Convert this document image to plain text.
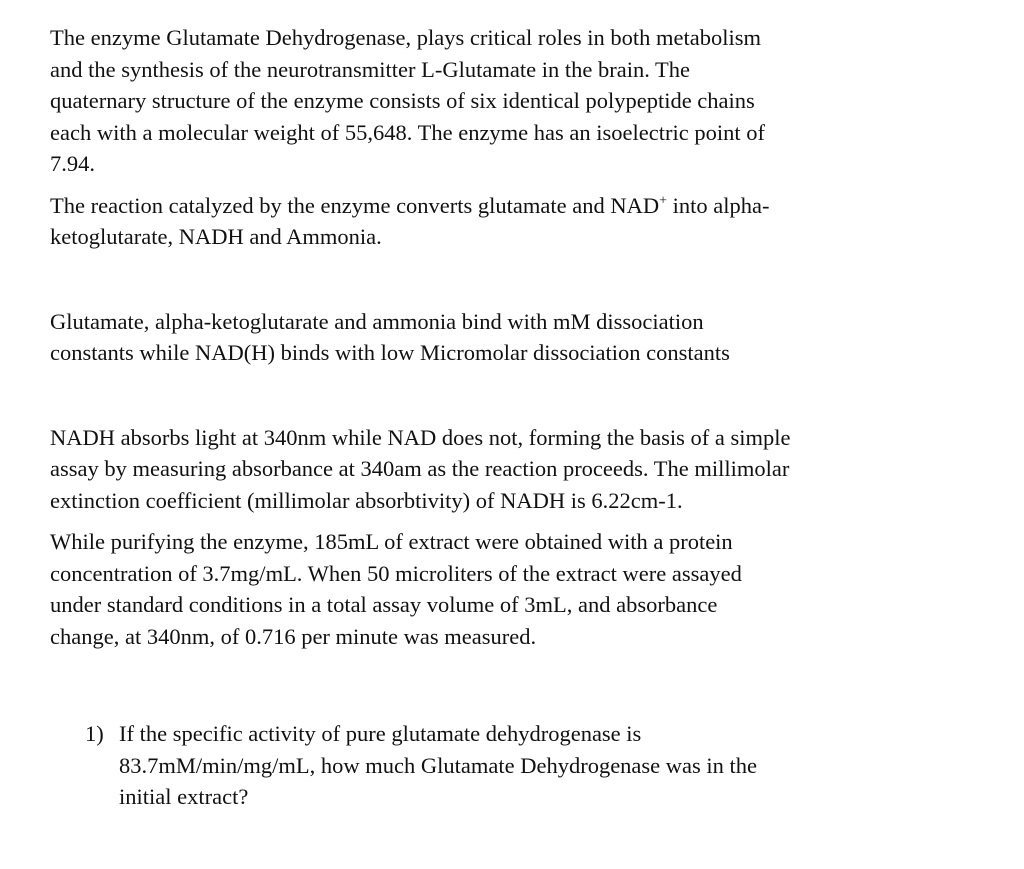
The enzyme Glutamate Dehydrogenase, plays critical roles in both metabolism
and the synthesis of the neurotransmitter L-Glutamate in the brain. The
quaternary structure of the enzyme consists of six identical polypeptide chains
each with a molecular weight of 55,648. The enzyme has an isoelectric point of
7.94.

The reaction catalyzed by the enzyme converts glutamate and NAD+ into alpha-
ketoglutarate, NADH and Ammonia.

Glutamate, alpha-ketoglutarate and ammonia bind with mM dissociation
constants while NAD(H) binds with low Micromolar dissociation constants

NADH absorbs light at 340nm while NAD does not, forming the basis of a simple
assay by measuring absorbance at 340am as the reaction proceeds. The millimolar
extinction coefficient (millimolar absorbtivity) of NADH is 6.22cm-1.

While purifying the enzyme, 185mL of extract were obtained with a protein
concentration of 3.7mg/mL. When 50 microliters of the extract were assayed
under standard conditions in a total assay volume of 3mL, and absorbance
change, at 340nm, of 0.716 per minute was measured.

1) If the specific activity of pure glutamate dehydrogenase is
83.7mM/min/mg/mL, how much Glutamate Dehydrogenase was in the
initial extract?
